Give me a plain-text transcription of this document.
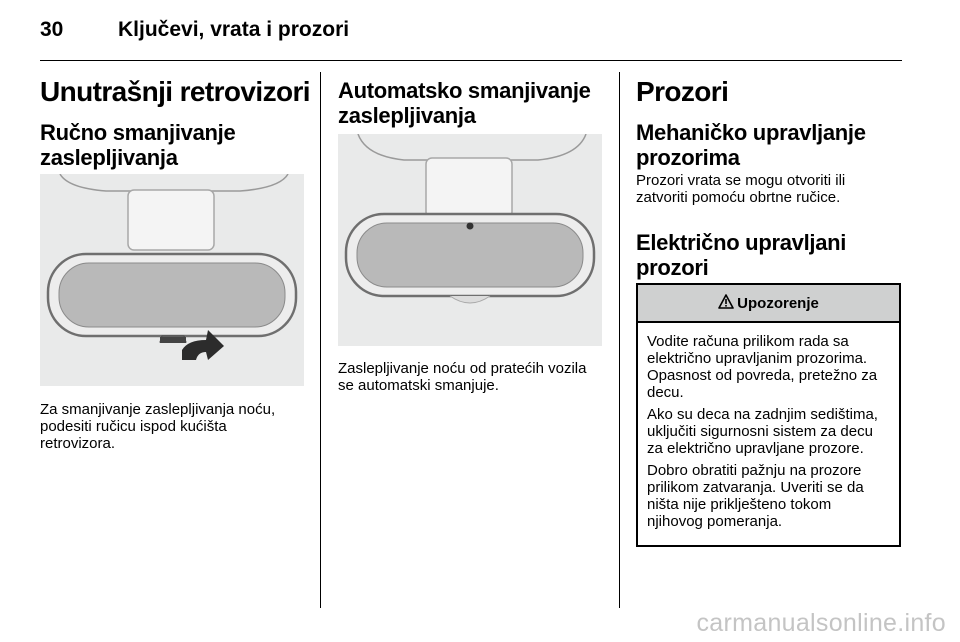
30	Ključevi, vrata i prozori
Unutrašnji retrovizori
Ručno smanjivanje
zaslepljivanja
Za smanjivanje zaslepljivanja noću,
podesiti ručicu ispod kućišta
retrovizora.
Automatsko smanjivanje
zaslepljivanja
Zaslepljivanje noću od pratećih vozila
se automatski smanjuje.
Prozori
Mehaničko upravljanje
prozorima
Prozori vrata se mogu otvoriti ili
zatvoriti pomoću obrtne ručice.
Električno upravljani
prozori
Upozorenje

Vodite računa prilikom rada sa
električno upravljanim prozorima.
Opasnost od povreda, pretežno za
decu.

Ako su deca na zadnjim sedištima,
uključiti sigurnosni sistem za decu
za električno upravljane prozore.

Dobro obratiti pažnju na prozore
prilikom zatvaranja. Uveriti se da
ništa nije priklješteno tokom
njihovog pomeranja.

carmanualsonline.info
